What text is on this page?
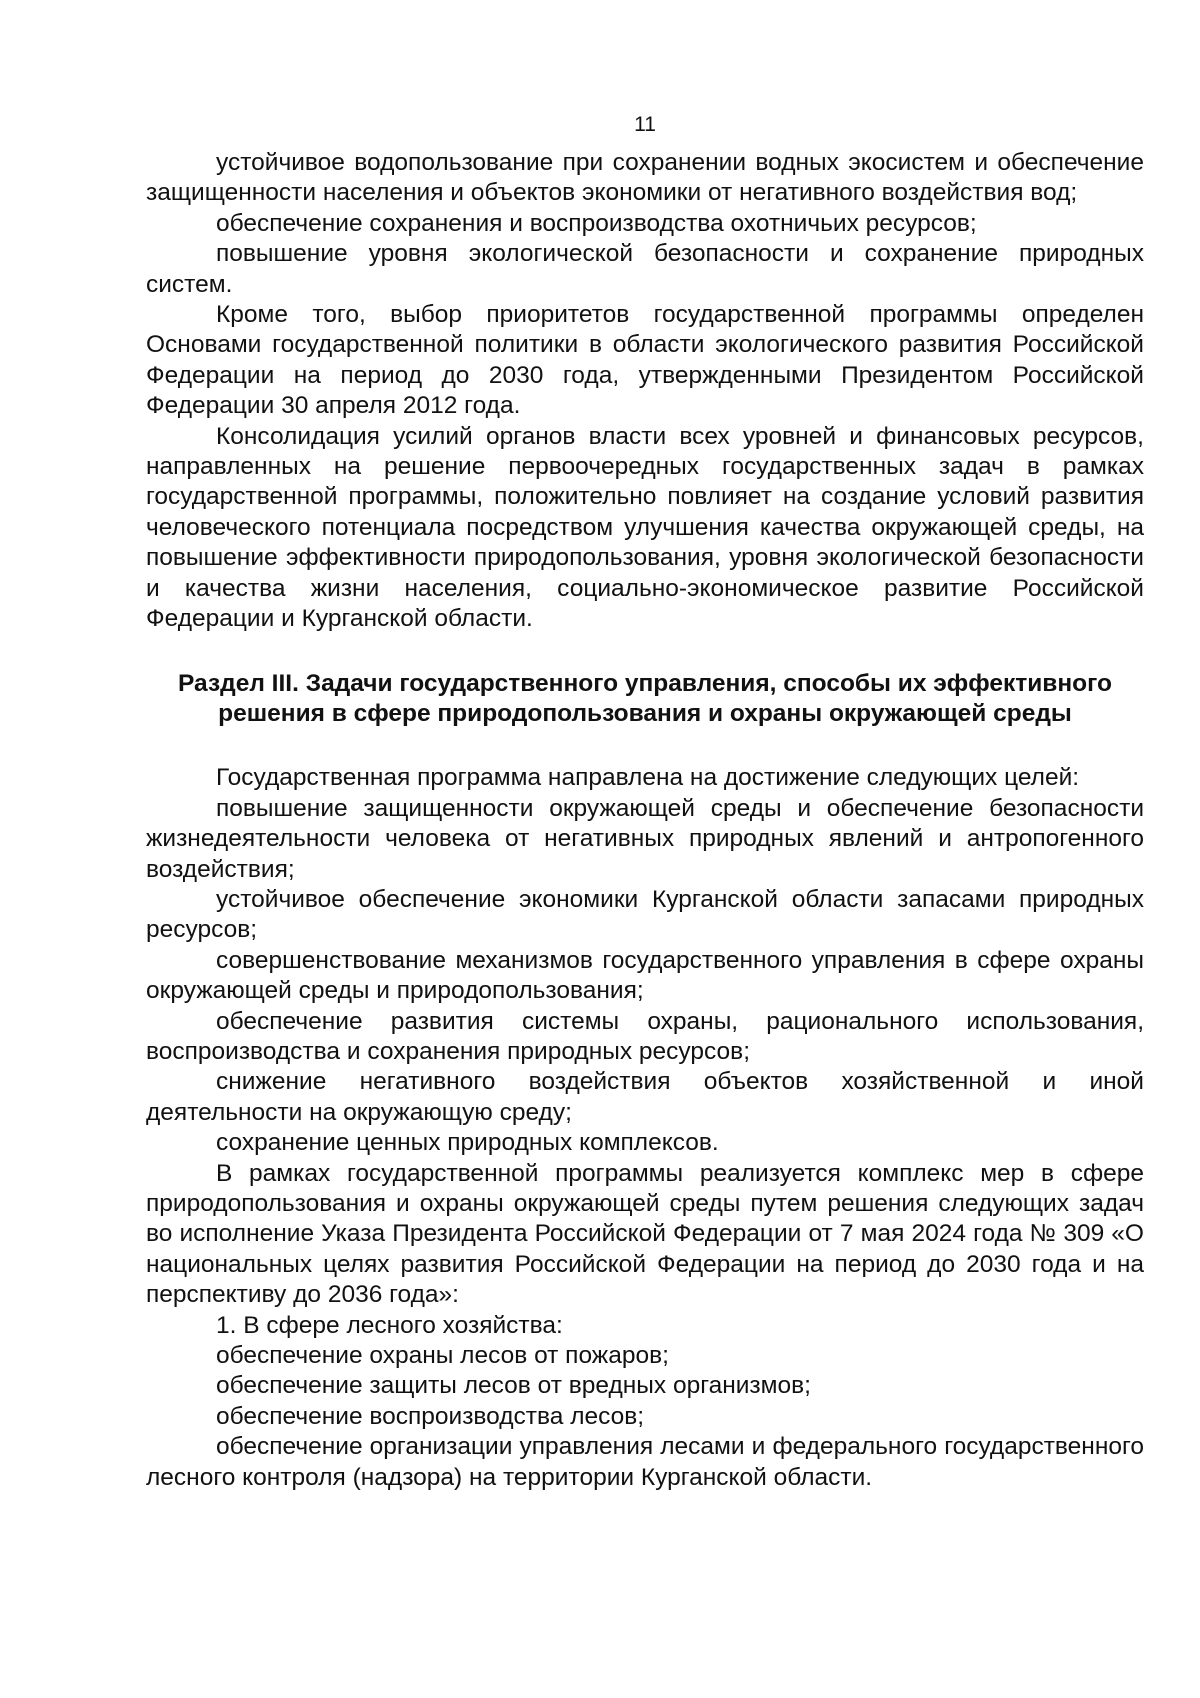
11

устойчивое водопользование при сохранении водных экосистем и обеспечение защищенности населения и объектов экономики от негативного воздействия вод;

обеспечение сохранения и воспроизводства охотничьих ресурсов;

повышение уровня экологической безопасности и сохранение природных систем.

Кроме того, выбор приоритетов государственной программы определен Основами государственной политики в области экологического развития Российской Федерации на период до 2030 года, утвержденными Президентом Российской Федерации 30 апреля 2012 года.

Консолидация усилий органов власти всех уровней и финансовых ресурсов, направленных на решение первоочередных государственных задач в рамках государственной программы, положительно повлияет на создание условий развития человеческого потенциала посредством улучшения качества окружающей среды, на повышение эффективности природопользования, уровня экологической безопасности и качества жизни населения, социально-экономическое развитие Российской Федерации и Курганской области.

Раздел III. Задачи государственного управления, способы их эффективного
решения в сфере природопользования и охраны окружающей среды

Государственная программа направлена на достижение следующих целей:

повышение защищенности окружающей среды и обеспечение безопасности жизнедеятельности человека от негативных природных явлений и антропогенного воздействия;

устойчивое обеспечение экономики Курганской области запасами природных ресурсов;

совершенствование механизмов государственного управления в сфере охраны окружающей среды и природопользования;

обеспечение развития системы охраны, рационального использования, воспроизводства и сохранения природных ресурсов;

снижение негативного воздействия объектов хозяйственной и иной деятельности на окружающую среду;

сохранение ценных природных комплексов.

В рамках государственной программы реализуется комплекс мер в сфере природопользования и охраны окружающей среды путем решения следующих задач во исполнение Указа Президента Российской Федерации от 7 мая 2024 года № 309 «О национальных целях развития Российской Федерации на период до 2030 года и на перспективу до 2036 года»:

1. В сфере лесного хозяйства:

обеспечение охраны лесов от пожаров;

обеспечение защиты лесов от вредных организмов;

обеспечение воспроизводства лесов;

обеспечение организации управления лесами и федерального государственного лесного контроля (надзора) на территории Курганской области.
